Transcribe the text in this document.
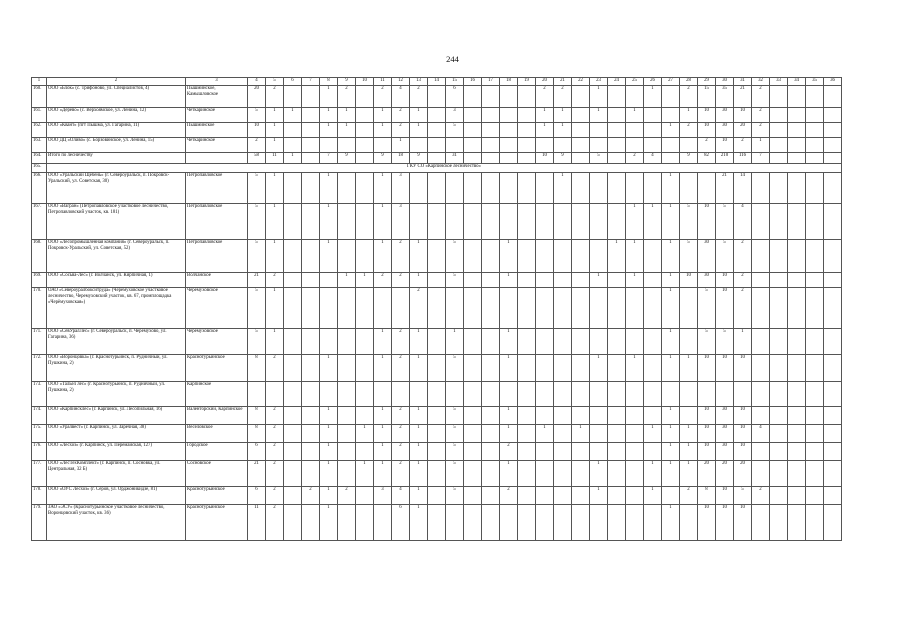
244
1	2	3	4	5	6	7	8	9	10	11	12	13	14	15	16	17	18	19	20	21	22	23	24	25	26	27	28	29	30	31	32	33	34	35	36	
160.	ООО «Блок» (с. Трифоново, ул. Специалистов, 4)	Пышминское, Камышловское	20	2			1	2		2	4	2		6					2	2		1			1		2	15	35	21	2					
161.	ООО «Дерево» (с. Верхоямское, ул. Ленина, 12)	Четкаринское	5	1	1		1	1		1	2	1		3					1	1		1		1			1	10	30	10	2					
162.	ООО «Квант» (пгт Пышма, ул. Гагарина, 11)	Пышминское	10	1			1	1		1	2	1		5					1	1						1	2	10	30	20	2					
163.	ООО ДЦ «Оливо» (с. Борзовинское, ул. Ленина, 15)	Четкаринское	2	1							1																	2	10	2	1					
164.	Итого по лесничеству		58	11	1		7	9		9	18	9		31					10	9		5		2	4		9	82	210	116	7					
165.	ГКУ СО «Карпинское лесничество»																																			
166.	ООО «Уральский Щебень» (г. Североуральск, п. Покровск-Уральский, ул. Советская, 30)	Петропавловское	5	1			1			1	3									1						1			21	14						
167.	ООО «Вагран» (Петропавловское участковое лесничество, Петропавловский участок, кв. 181)	Петропавловское	5	1			1			1	3													1	1	1	5	10	5	4						
168.	ООО «Лесопромышленная компания» (г. Североуральск, п. Покровск-Уральский, ул. Советская, 52)	Петропавловское	5	1			1			1	2	1		5			1						1	1		1	5	30	5	2						
169.	ООО «Сосьва-Лес» (г. Волчанск, ул. Кирпичная, 1)	Волчанское	21	2				1	1	2	2	1		5			1					1		1		1	10	30	10	2						
170.	ОАО «Североуралбокситруда» (Черемуховское участковое лесничество, Черемуховский участок, кв. 67, промплощадка «Черёмуховская»)	Черёмуховское	5	1								2														1		5	10	2						
171.	ООО «СевУралЛес» (г. Североуральск, п. Черемухово, ул. Гагарина, 36)	Черёмуховское	5	1						1	2	1		1			1									1		5	5	1						
172.	ООО «Воронцовка» (г. Краснотурьинск, п. Рудничный, ул. Пушкина, 2)	Краснотурьинское	8	2			1			1	2	1		5			1					1		1		1	1	10	10	10						
173.	ООО «Тальел лес» (г. Краснотурьинск, п. Рудничный, ул. Пушкина, 2)	Карпинское																																		
174.	ООО «Карпинсклес» (г. Карпинск, ул. Лесопильная, 16)	Валенторский, Карпинское	8	2			1			1	2	1		5			1									1		10	30	10						
175.	ООО «Уралвест» (г. Карпинск, ул. Заречная, 38)	Веселовское	8	2			1		1	1	2	1		5			1		1		1				1	1	1	10	30	10	4					
176.	ООО «Лесхоз» (г. Карпинск, ул. Перемайская, 127)	Городское	6	2			1			1	2	1		5			2									1	1	10	30	10						
177.	ООО «ЛесТехКомплект» (г. Карпинск, п. Сосновка, ул. Центральная, 32 Б)	Сосновское	21	2			1		1	1	2	1		5			1					1			1	1	1	20	20	20						
178.	ООО «ОУС Лесхоз» (г. Серов, ул. Орджоникидзе, 81)	Краснотурьинское	6	2		2	1	2		3	4	1		5			2					1			1		2	8	10	5	2					
179.	ЗАО «ЭСУ» (Краснотурьинское участковое лесничество, Воронцовский участок, кв. 36)	Краснотурьинское	11	2			1				6	1														1		10	10	10						
